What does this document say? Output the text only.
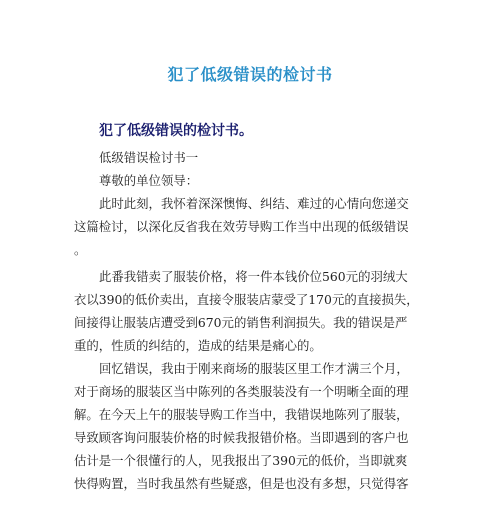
犯了低级错误的检讨书
犯了低级错误的检讨书。
低级错误检讨书一
尊敬的单位领导：
此时此刻，我怀着深深懊悔、纠结、难过的心情向您递交
这篇检讨，以深化反省我在效劳导购工作当中出现的低级错误
。
此番我错卖了服装价格，将一件本钱价位560元的羽绒大
衣以390的低价卖出，直接令服装店蒙受了170元的直接损失，
间接得让服装店遭受到670元的销售利润损失。我的错误是严
重的，性质的纠结的，造成的结果是痛心的。
回忆错误，我由于刚来商场的服装区里工作才满三个月，
对于商场的服装区当中陈列的各类服装没有一个明晰全面的理
解。在今天上午的服装导购工作当中，我错误地陈列了服装，
导致顾客询问服装价格的时候我报错价格。当即遇到的客户也
估计是一个很懂行的人，见我报出了390元的低价，当即就爽
快得购置，当时我虽然有些疑惑，但是也没有多想，只觉得客
